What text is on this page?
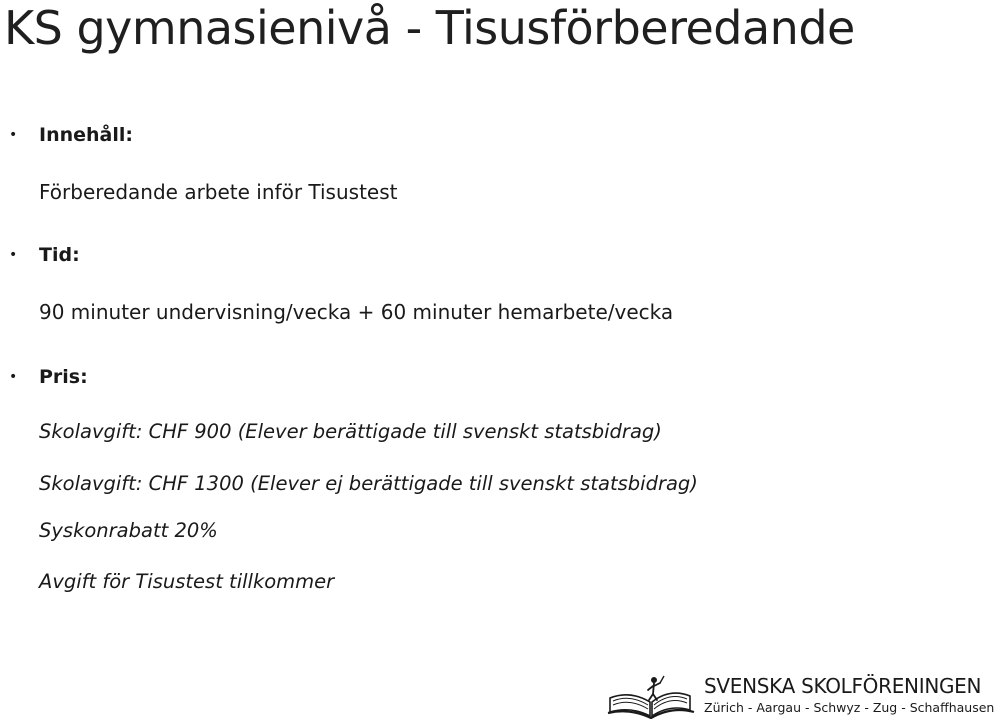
KS gymnasienivå - Tisusförberedande
• Innehåll:
Förberedande arbete inför Tisustest
• Tid:
90 minuter undervisning/vecka + 60 minuter hemarbete/vecka
• Pris:
Skolavgift: CHF 900 (Elever berättigade till svenskt statsbidrag)
Skolavgift: CHF 1300 (Elever ej berättigade till svenskt statsbidrag)
Syskonrabatt 20%
Avgift för Tisustest tillkommer
SVENSKA SKOLFÖRENINGEN
Zürich - Aargau - Schwyz - Zug - Schaffhausen
